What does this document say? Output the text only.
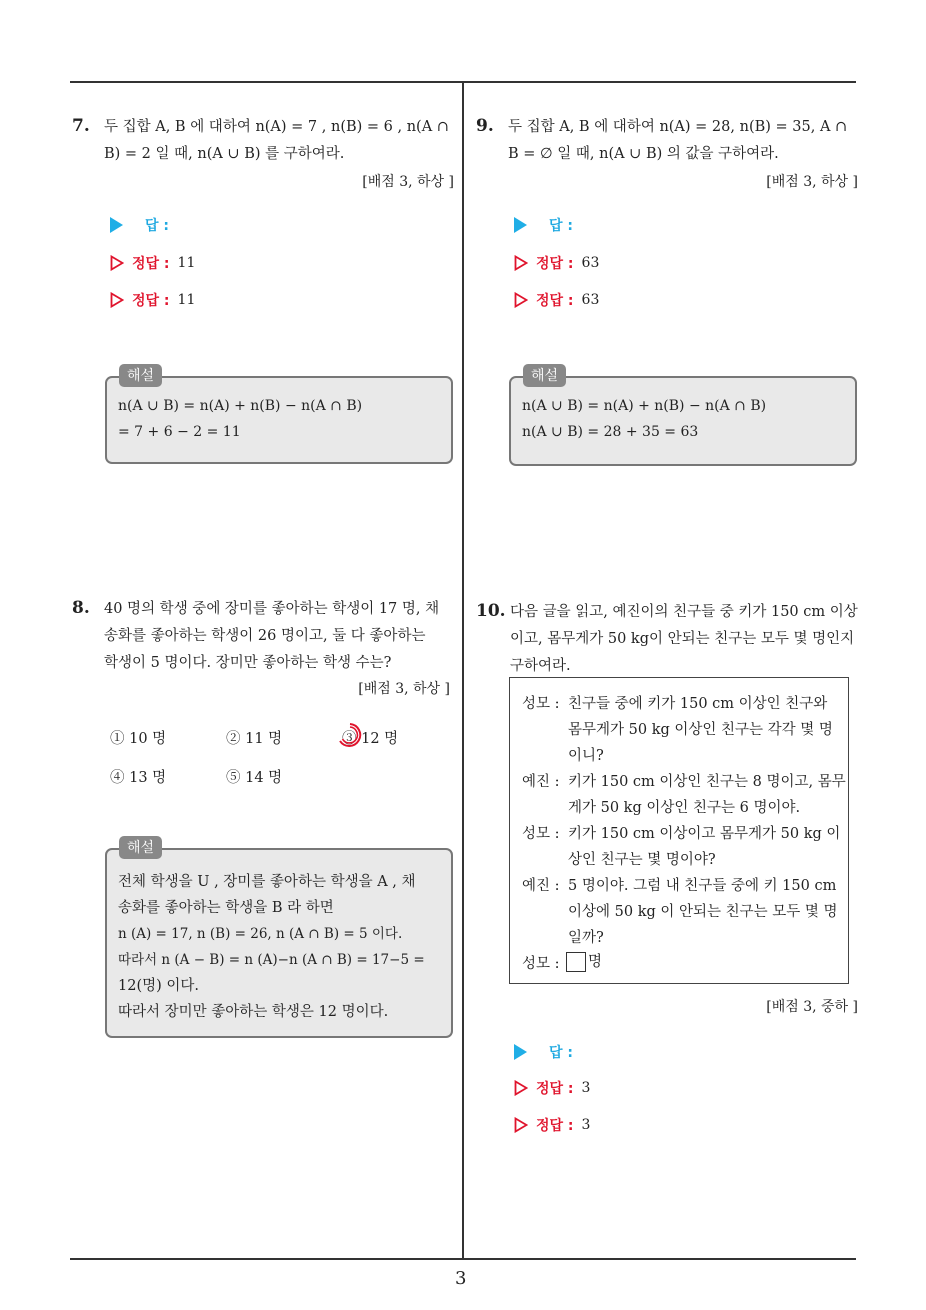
7. 두 집합 A, B 에 대하여 n(A) = 7 , n(B) = 6 , n(A ∩
B) = 2 일 때, n(A ∪ B) 를 구하여라.
[배점 3, 하상 ]
답 :
정답 : 11
정답 : 11
n(A ∪ B) = n(A) + n(B) − n(A ∩ B)
= 7 + 6 − 2 = 11
해설
9. 두 집합 A, B 에 대하여 n(A) = 28, n(B) = 35, A ∩
B = ∅ 일 때, n(A ∪ B) 의 값을 구하여라.
[배점 3, 하상 ]
답 :
정답 : 63
정답 : 63
n(A ∪ B) = n(A) + n(B) − n(A ∩ B)
n(A ∪ B) = 28 + 35 = 63
해설
8. 40 명의 학생 중에 장미를 좋아하는 학생이 17 명, 채
송화를 좋아하는 학생이 26 명이고, 둘 다 좋아하는
학생이 5 명이다. 장미만 좋아하는 학생 수는?
[배점 3, 하상 ]
① 10 명	② 11 명	③ 12 명
④ 13 명	⑤ 14 명
전체 학생을 U , 장미를 좋아하는 학생을 A , 채
송화를 좋아하는 학생을 B 라 하면
n (A) = 17, n (B) = 26, n (A ∩ B) = 5 이다.
따라서 n (A − B) = n (A)−n (A ∩ B) = 17−5 =
12(명) 이다.
따라서 장미만 좋아하는 학생은 12 명이다.
해설
10. 다음 글을 읽고, 예진이의 친구들 중 키가 150 cm 이상
이고, 몸무게가 50 kg이 안되는 친구는 모두 몇 명인지
구하여라.
성모 : 친구들 중에 키가 150 cm 이상인 친구와
몸무게가 50 kg 이상인 친구는 각각 몇 명
이니?
예진 : 키가 150 cm 이상인 친구는 8 명이고, 몸무
게가 50 kg 이상인 친구는 6 명이야.
성모 : 키가 150 cm 이상이고 몸무게가 50 kg 이
상인 친구는 몇 명이야?
예진 : 5 명이야. 그럼 내 친구들 중에 키 150 cm
이상에 50 kg 이 안되는 친구는 모두 몇 명
일까?
성모 :	명
[배점 3, 중하 ]
답 :
정답 : 3
정답 : 3
3
